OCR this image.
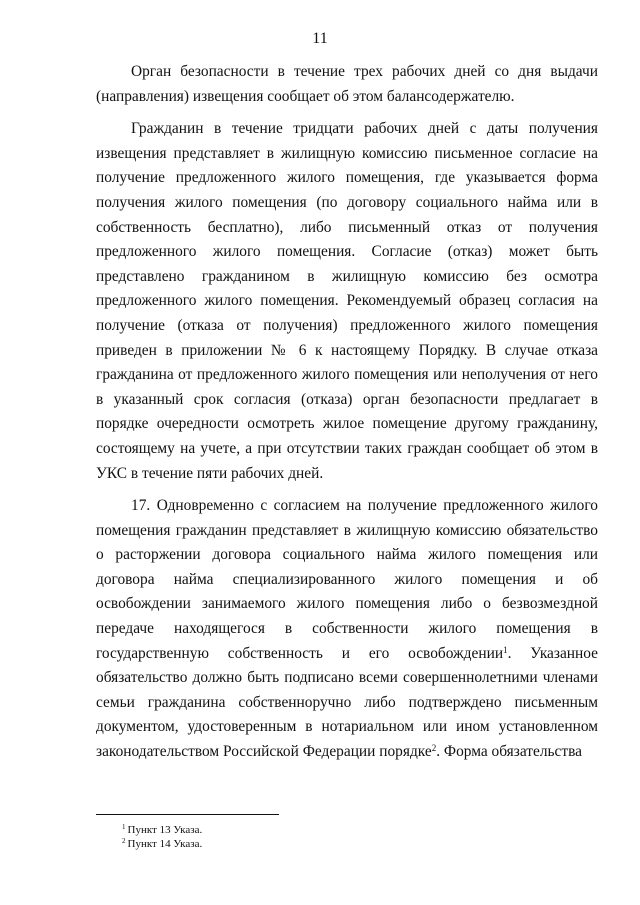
11

Орган безопасности в течение трех рабочих дней со дня выдачи (направления) извещения сообщает об этом балансодержателю.

Гражданин в течение тридцати рабочих дней с даты получения извещения представляет в жилищную комиссию письменное согласие на получение предложенного жилого помещения, где указывается форма получения жилого помещения (по договору социального найма или в собственность бесплатно), либо письменный отказ от получения предложенного жилого помещения. Согласие (отказ) может быть представлено гражданином в жилищную комиссию без осмотра предложенного жилого помещения. Рекомендуемый образец согласия на получение (отказа от получения) предложенного жилого помещения приведен в приложении № 6 к настоящему Порядку. В случае отказа гражданина от предложенного жилого помещения или неполучения от него в указанный срок согласия (отказа) орган безопасности предлагает в порядке очередности осмотреть жилое помещение другому гражданину, состоящему на учете, а при отсутствии таких граждан сообщает об этом в УКС в течение пяти рабочих дней.

17. Одновременно с согласием на получение предложенного жилого помещения гражданин представляет в жилищную комиссию обязательство о расторжении договора социального найма жилого помещения или договора найма специализированного жилого помещения и об освобождении занимаемого жилого помещения либо о безвозмездной передаче находящегося в собственности жилого помещения в государственную собственность и его освобождении$^1$. Указанное обязательство должно быть подписано всеми совершеннолетними членами семьи гражданина собственноручно либо подтверждено письменным документом, удостоверенным в нотариальном или ином установленном законодательством Российской Федерации порядке$^2$. Форма обязательства

$^1$ Пункт 13 Указа.
$^2$ Пункт 14 Указа.
